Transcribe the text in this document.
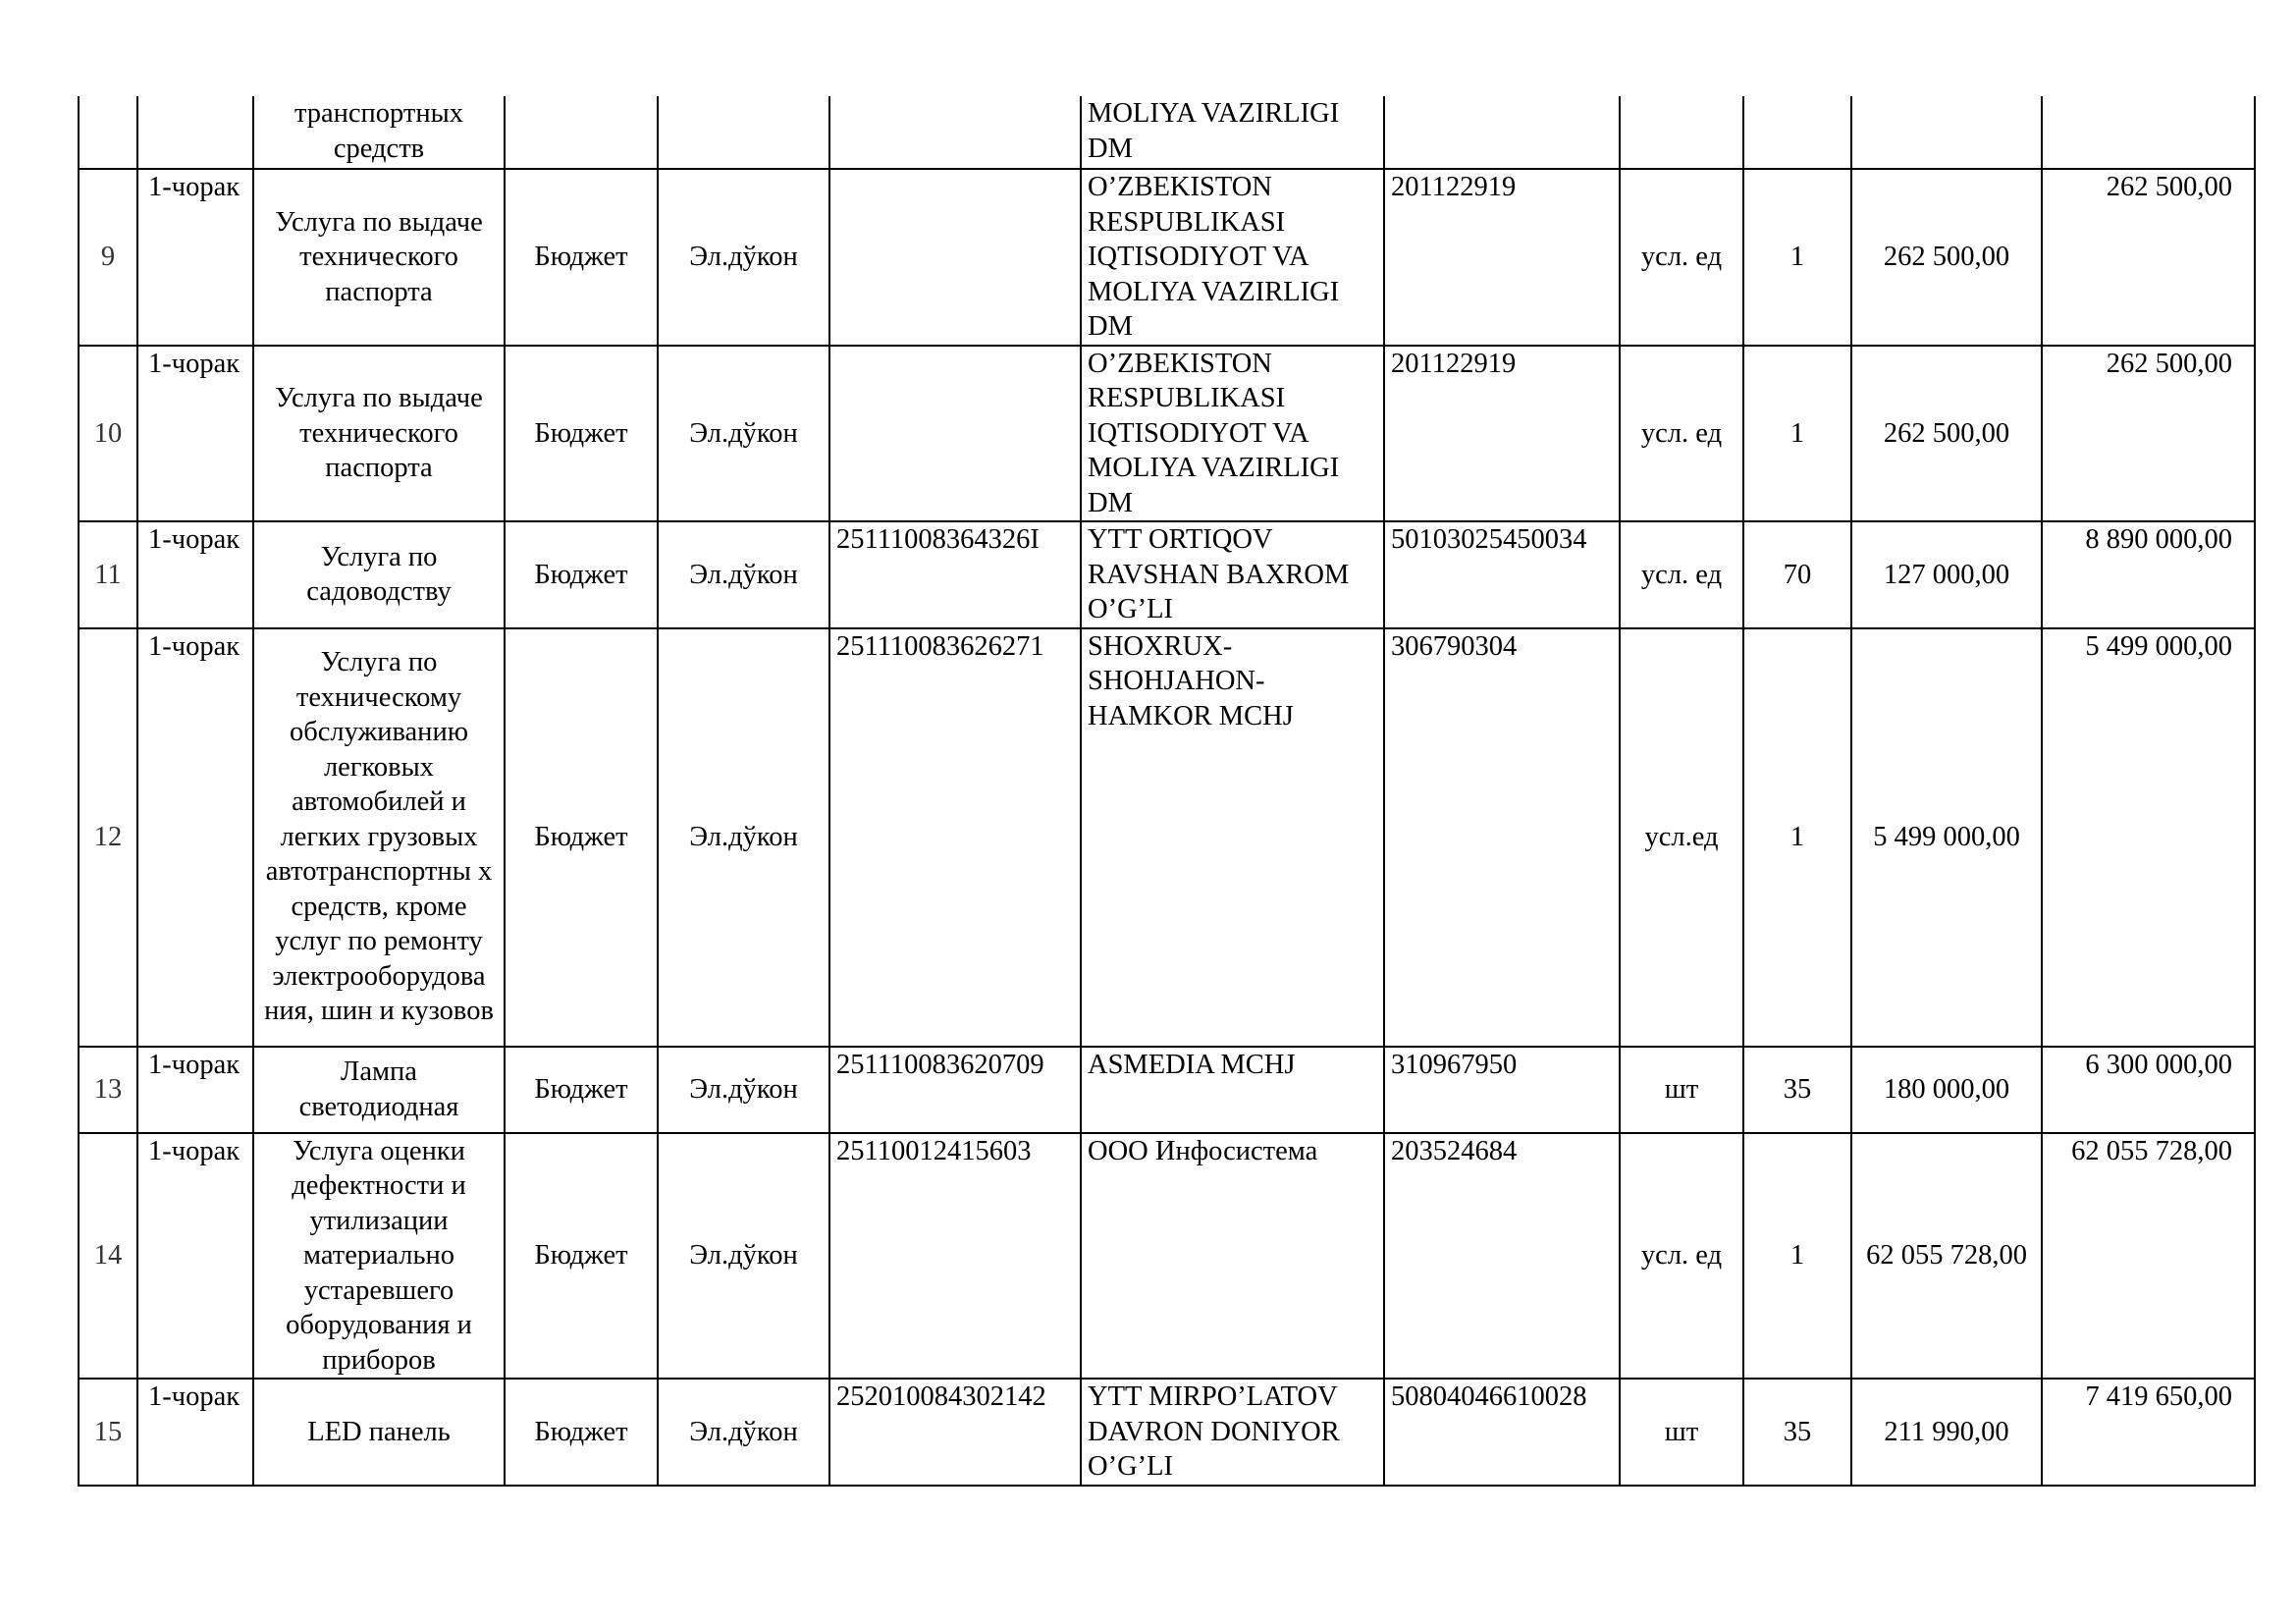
		транспортных средств				MOLIYA VAZIRLIGI DM					
9	1-чорак	Услуга по выдаче технического паспорта	Бюджет	Эл.дўкон		O’ZBEKISTON RESPUBLIKASI IQTISODIYOT VA MOLIYA VAZIRLIGI DM	201122919	усл. ед	1	262 500,00	262 500,00
10	1-чорак	Услуга по выдаче технического паспорта	Бюджет	Эл.дўкон		O’ZBEKISTON RESPUBLIKASI IQTISODIYOT VA MOLIYA VAZIRLIGI DM	201122919	усл. ед	1	262 500,00	262 500,00
11	1-чорак	Услуга по садоводству	Бюджет	Эл.дўкон	25111008364326I	YTT ORTIQOV RAVSHAN BAXROM O’G’LI	50103025450034	усл. ед	70	127 000,00	8 890 000,00
12	1-чорак	Услуга по техническому обслуживанию легковых автомобилей и легких грузовых автотранспортны х средств, кроме услуг по ремонту электрооборудова ния, шин и кузовов	Бюджет	Эл.дўкон	251110083626271	SHOXRUX-SHOHJAHON-HAMKOR MCHJ	306790304	усл.ед	1	5 499 000,00	5 499 000,00
13	1-чорак	Лампа светодиодная	Бюджет	Эл.дўкон	251110083620709	ASMEDIA MCHJ	310967950	шт	35	180 000,00	6 300 000,00
14	1-чорак	Услуга оценки дефектности и утилизации материально устаревшего оборудования и приборов	Бюджет	Эл.дўкон	25110012415603	ООО Инфосистема	203524684	усл. ед	1	62 055 728,00	62 055 728,00
15	1-чорак	LED панель	Бюджет	Эл.дўкон	252010084302142	YTT MIRPO’LATOV DAVRON DONIYOR O’G’LI	50804046610028	шт	35	211 990,00	7 419 650,00
